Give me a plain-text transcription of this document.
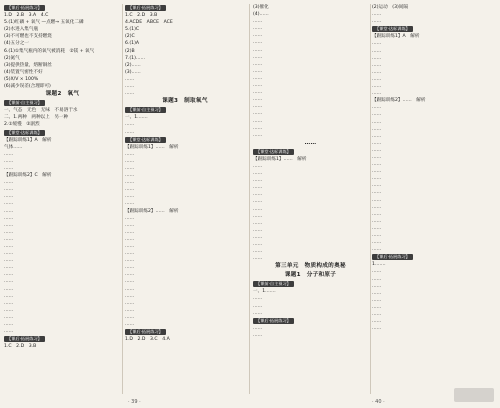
【课后·拓展练习】
1.D　2.B　3.A　4.C
5.(1)红磷 + 氧气 —点燃→ 五氧化二磷
(2)水进入集气瓶
(3)不可燃也不支持燃烧
(4)五分之一
6.(1)①集气瓶内的氧气被消耗　②镁 + 氧气
(2)氮气
(3)提供热量，熔断铜丝
(4)装置气密性不好
(5)X/V × 100%
(6)减少误差(合理即可)
课题2　氧气
【课前·自主预习】
一、气态　无色　无味　不易溶于水
二、1.两种　两种以上　另一种
2.①缓慢　②剧烈
【课堂·达标训练】
【跟踪训练1】A　解析
气体……
……
……
……
【跟踪训练2】C　解析
……
……
……
……
……
……
……
……
……
……
……
……
……
……
……
……
……
……
……
……
……
……
【课后·拓展练习】
1.C　2.D　3.B
【课后·拓展练习】
1.C　2.D　3.B
4.ACDE　ABCE　ACE
5.(1)C
(2)C
6.(1)A
(2)B
7.(1)……
(2)……
(3)……
……
……
……
课题3　制取氧气
【课前·自主预习】
一、1.……
……
……
【课堂·达标训练】
【跟踪训练1】……　解析
……
……
……
……
……
……
……
……
【跟踪训练2】……　解析
……
……
……
……
……
……
……
……
……
……
……
……
……
……
……
……
【课后·拓展练习】
1.D　2.D　3.C　4.A
(3)催化
(4)……
……
……
……
……
……
……
……
……
……
……
……
……
……
……
……
……
……
……
【课堂·达标训练】
【跟踪训练1】……　解析
……
……
……
……
……
……
……
……
……
……
……
……
……
……
第三单元　物质构成的奥秘
课题1　分子和原子
【课前·自主预习】
一、1.……
……
……
……
【课后·拓展练习】
……
……
(2)运动　(3)间隔
……
……
【课堂·达标训练】
【跟踪训练1】A　解析
……
……
……
……
……
……
……
……
【跟踪训练2】……　解析
……
……
……
……
……
……
……
……
……
……
……
……
……
……
……
……
……
……
……
……
……
【课后·拓展练习】
1.……
……
……
……
……
……
……
……
……
……
· 39 ·	· 40 ·
